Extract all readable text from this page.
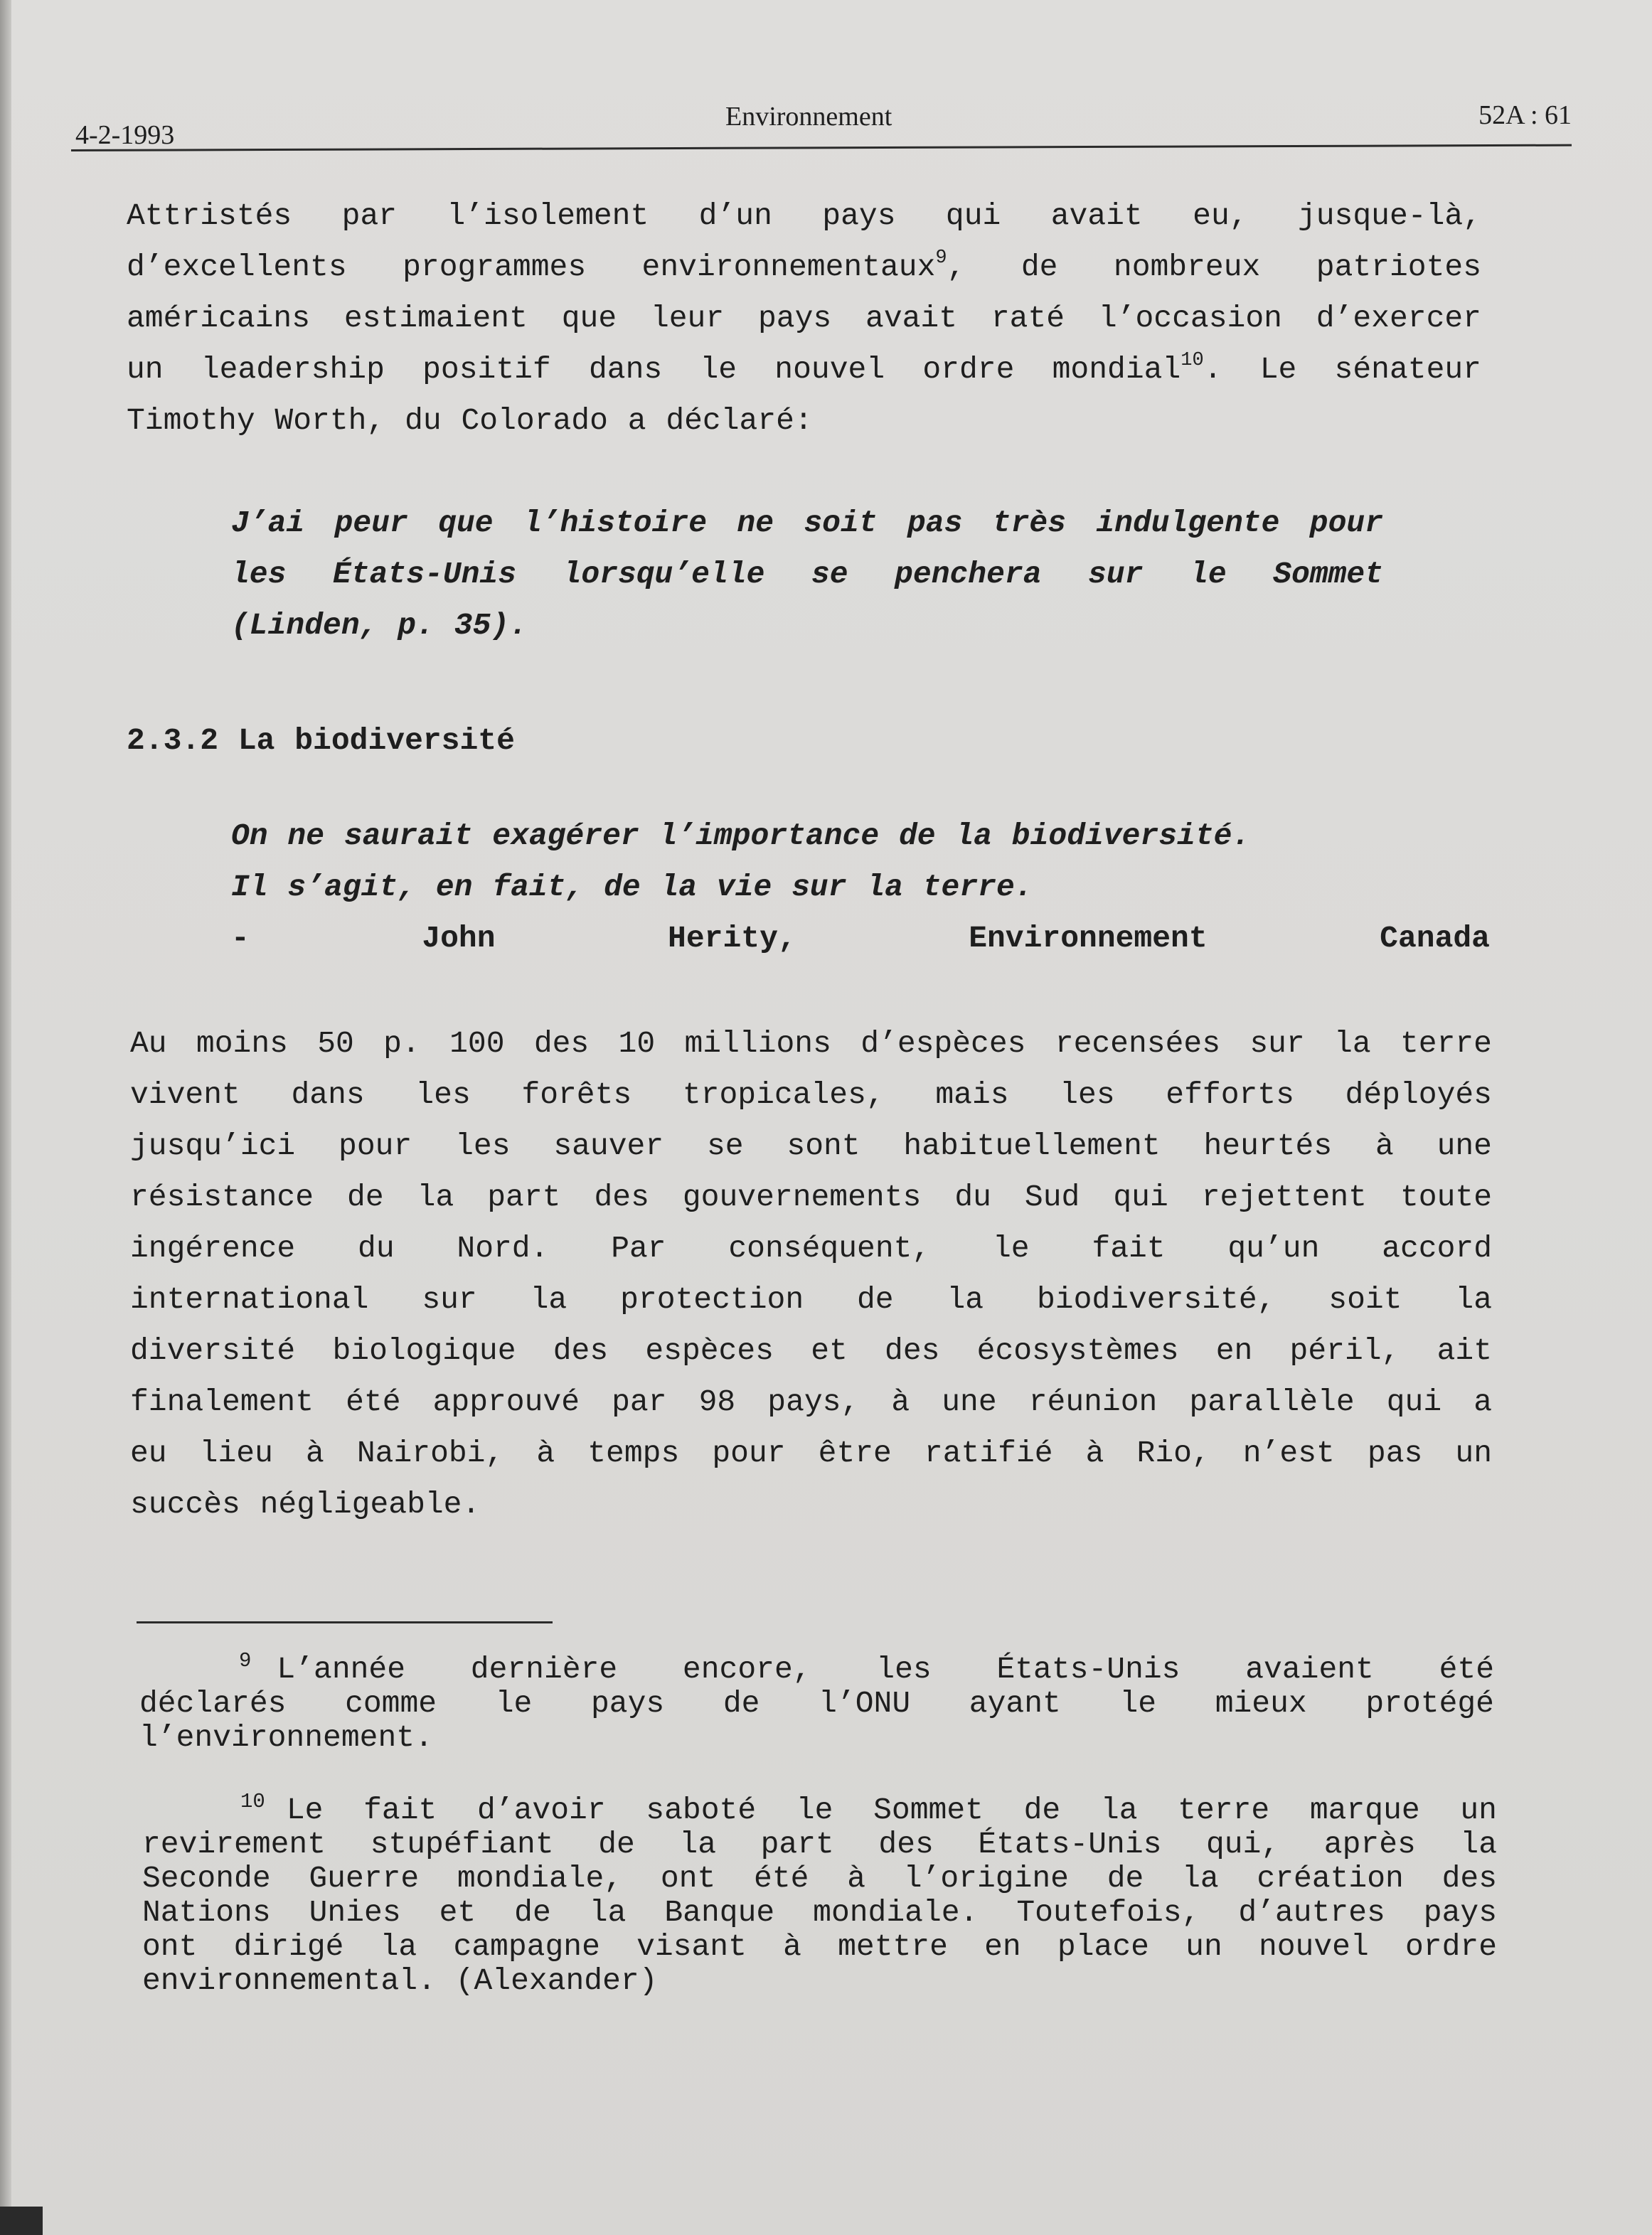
4-2-1993
Environnement	52A : 61
Attristés par l’isolement d’un pays qui avait eu, jusque-là,
d’excellents programmes environnementaux$^9$, de nombreux patriotes
américains estimaient que leur pays avait raté l’occasion d’exercer
un leadership positif dans le nouvel ordre mondial$^{10}$. Le sénateur
Timothy Worth, du Colorado a déclaré:
J’ai peur que l’histoire ne soit pas très indulgente pour
les États-Unis lorsqu’elle se penchera sur le Sommet
(Linden, p. 35).
2.3.2 La biodiversité
On ne saurait exagérer l’importance de la biodiversité.
Il s’agit, en fait, de la vie sur la terre.
- John Herity, Environnement Canada
Au moins 50 p. 100 des 10 millions d’espèces recensées sur la terre
vivent dans les forêts tropicales, mais les efforts déployés
jusqu’ici pour les sauver se sont habituellement heurtés à une
résistance de la part des gouvernements du Sud qui rejettent toute
ingérence du Nord. Par conséquent, le fait qu’un accord
international sur la protection de la biodiversité, soit la
diversité biologique des espèces et des écosystèmes en péril, ait
finalement été approuvé par 98 pays, à une réunion parallèle qui a
eu lieu à Nairobi, à temps pour être ratifié à Rio, n’est pas un
succès négligeable.
$^9$ L’année dernière encore, les États-Unis avaient été
déclarés comme le pays de l’ONU ayant le mieux protégé
l’environnement.
$^{10}$ Le fait d’avoir saboté le Sommet de la terre marque un
revirement stupéfiant de la part des États-Unis qui, après la
Seconde Guerre mondiale, ont été à l’origine de la création des
Nations Unies et de la Banque mondiale. Toutefois, d’autres pays
ont dirigé la campagne visant à mettre en place un nouvel ordre
environnemental. (Alexander)
